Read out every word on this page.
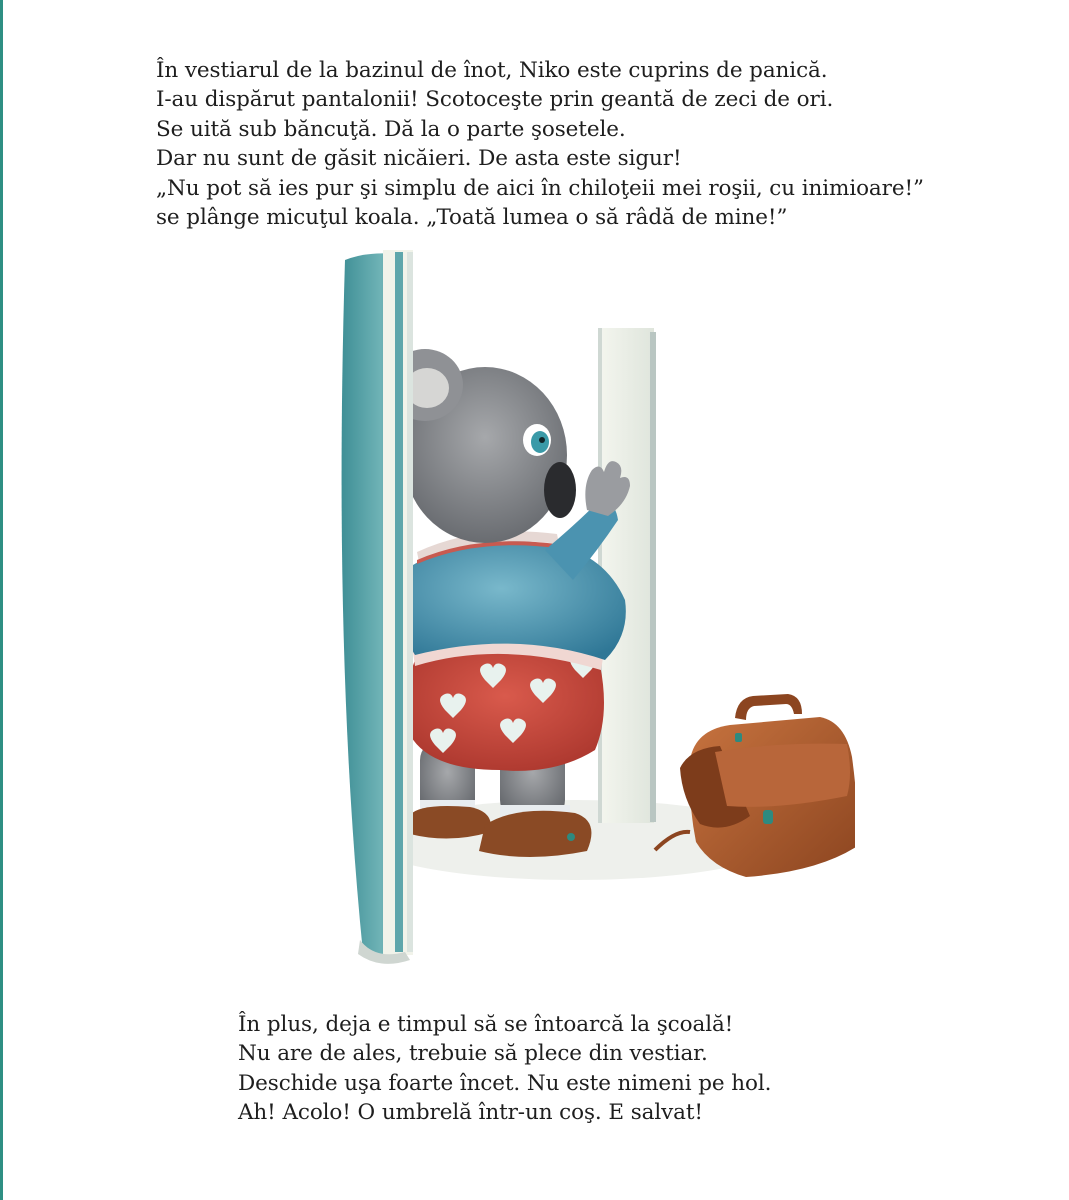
În vestiarul de la bazinul de înot, Niko este cuprins de panică.

I-au dispărut pantalonii! Scotoceşte prin geantă de zeci de ori.

Se uită sub băncuţă. Dă la o parte şosetele.

Dar nu sunt de găsit nicăieri. De asta este sigur!

„Nu pot să ies pur şi simplu de aici în chiloţeii mei roşii, cu inimioare!”

se plânge micuţul koala. „Toată lumea o să râdă de mine!”

În plus, deja e timpul să se întoarcă la şcoală!

Nu are de ales, trebuie să plece din vestiar.

Deschide uşa foarte încet. Nu este nimeni pe hol.

Ah! Acolo! O umbrelă într-un coş. E salvat!
